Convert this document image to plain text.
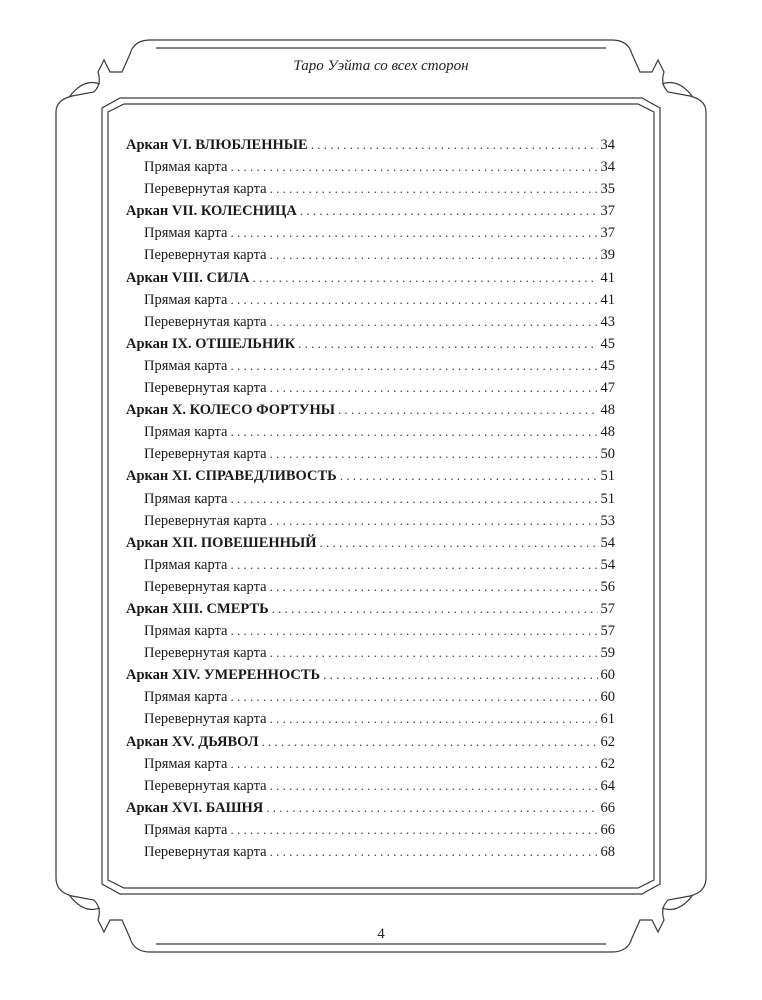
Таро Уэйта со всех сторон
Аркан VI. ВЛЮБЛЕННЫЕ . . .	34
Прямая карта . . .	34
Перевернутая карта . . .	35
Аркан VII. КОЛЕСНИЦА . . .	37
Прямая карта . . .	37
Перевернутая карта . . .	39
Аркан VIII. СИЛА . . .	41
Прямая карта . . .	41
Перевернутая карта . . .	43
Аркан IX. ОТШЕЛЬНИК . . .	45
Прямая карта . . .	45
Перевернутая карта . . .	47
Аркан X. КОЛЕСО ФОРТУНЫ . . .	48
Прямая карта . . .	48
Перевернутая карта . . .	50
Аркан XI. СПРАВЕДЛИВОСТЬ . . .	51
Прямая карта . . .	51
Перевернутая карта . . .	53
Аркан XII. ПОВЕШЕННЫЙ . . .	54
Прямая карта . . .	54
Перевернутая карта . . .	56
Аркан XIII. СМЕРТЬ . . .	57
Прямая карта . . .	57
Перевернутая карта . . .	59
Аркан XIV. УМЕРЕННОСТЬ . . .	60
Прямая карта . . .	60
Перевернутая карта . . .	61
Аркан XV. ДЬЯВОЛ . . .	62
Прямая карта . . .	62
Перевернутая карта . . .	64
Аркан XVI. БАШНЯ . . .	66
Прямая карта . . .	66
Перевернутая карта . . .	68
4
